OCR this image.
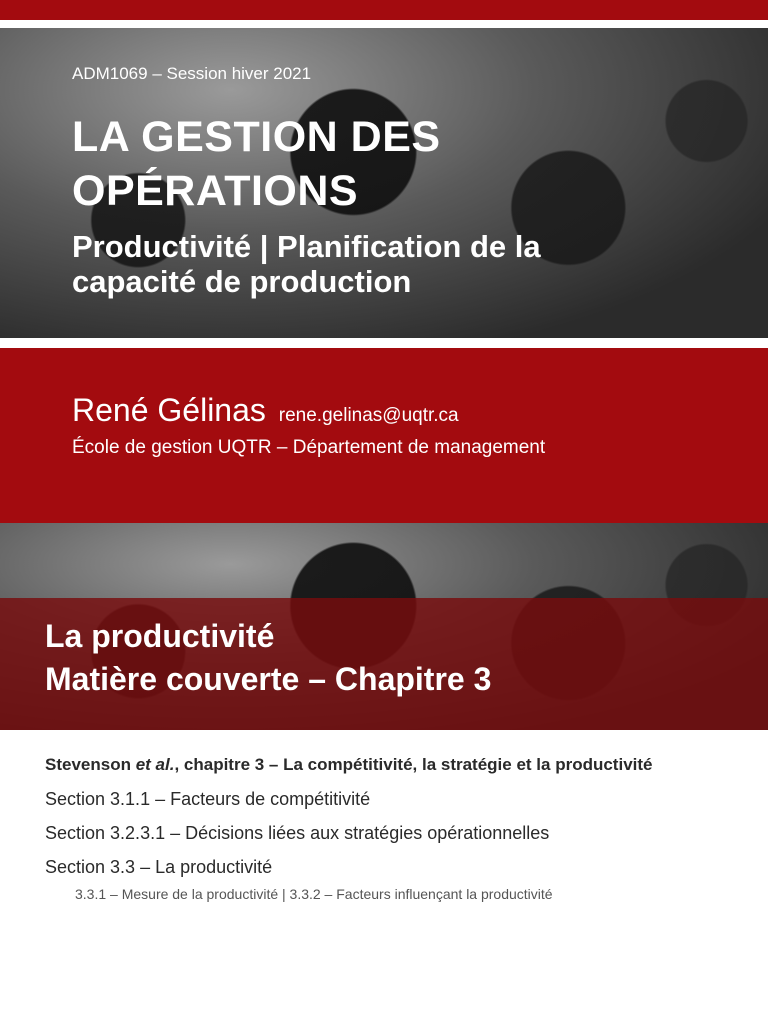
ADM1069 – Session hiver 2021
LA GESTION DES
OPÉRATIONS
Productivité | Planification de la
capacité de production
René Gélinas rene.gelinas@uqtr.ca
École de gestion UQTR – Département de management
La productivité
Matière couverte – Chapitre 3

Stevenson et al., chapitre 3 – La compétitivité, la stratégie et la productivité

Section 3.1.1 – Facteurs de compétitivité

Section 3.2.3.1 – Décisions liées aux stratégies opérationnelles

Section 3.3 – La productivité

3.3.1 – Mesure de la productivité | 3.3.2 – Facteurs influençant la productivité
